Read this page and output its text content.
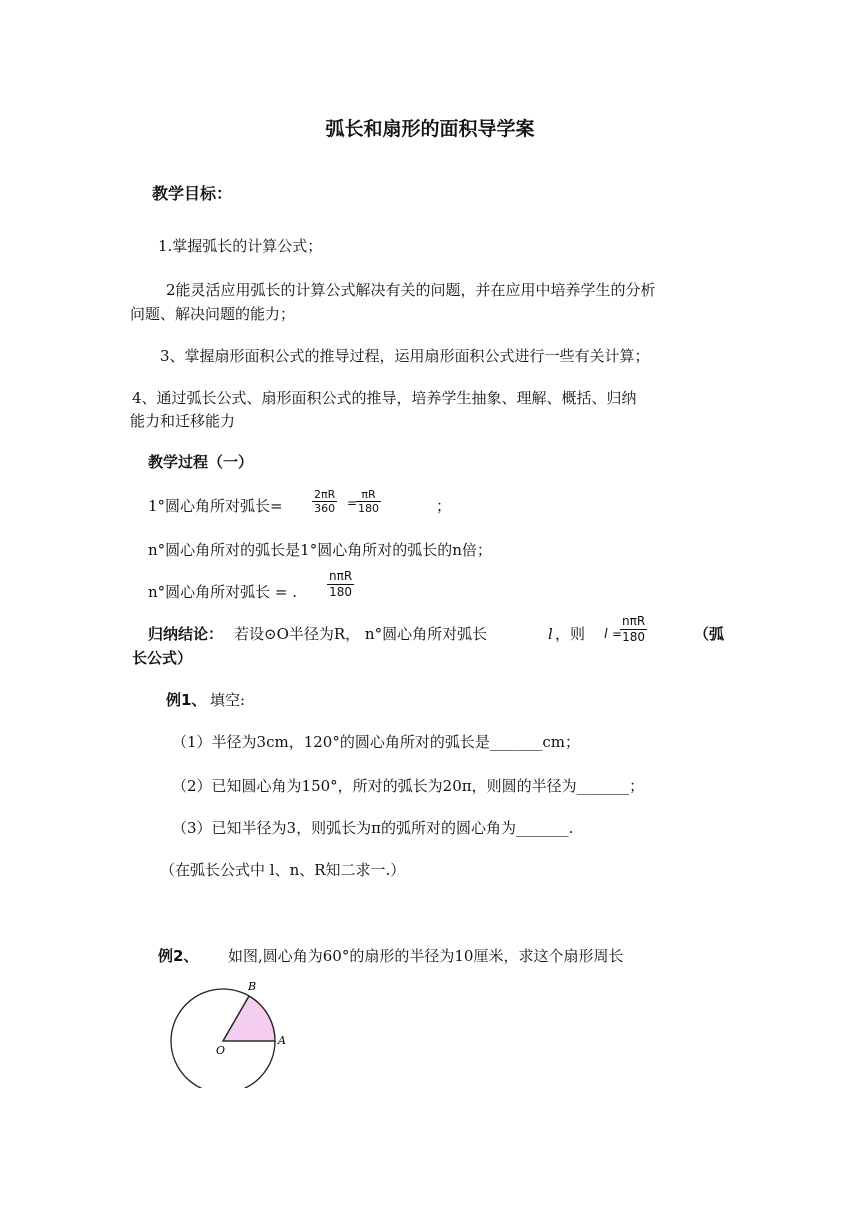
弧长和扇形的面积导学案
教学目标：
1.掌握弧长的计算公式；
2能灵活应用弧长的计算公式解决有关的问题，并在应用中培养学生的分析
问题、解决问题的能力；
3、掌握扇形面积公式的推导过程，运用扇形面积公式进行一些有关计算；
4、通过弧长公式、扇形面积公式的推导，培养学生抽象、理解、概括、归纳
能力和迁移能力
教学过程（一）
1°圆心角所对弧长=	$\frac{2\pi R}{360}$ =
$\frac{\pi R}{180}$	；
n°圆心角所对的弧长是1°圆心角所对的弧长的n倍；
n°圆心角所对弧长 = .
nπR
180
归纳结论： 若设⊙O半径为R， n°圆心角所对弧长	l ，则 l =
nπR
180	（弧
长公式）
例1、 填空:
（1）半径为3cm，120°的圆心角所对的弧长是_______cm；
（2）已知圆心角为150°，所对的弧长为20π，则圆的半径为_______；
（3）已知半径为3，则弧长为π的弧所对的圆心角为_______.
（在弧长公式中 l、n、R知二求一.）
例2、 如图,圆心角为60°的扇形的半径为10厘米，求这个扇形周长
O
A
B
